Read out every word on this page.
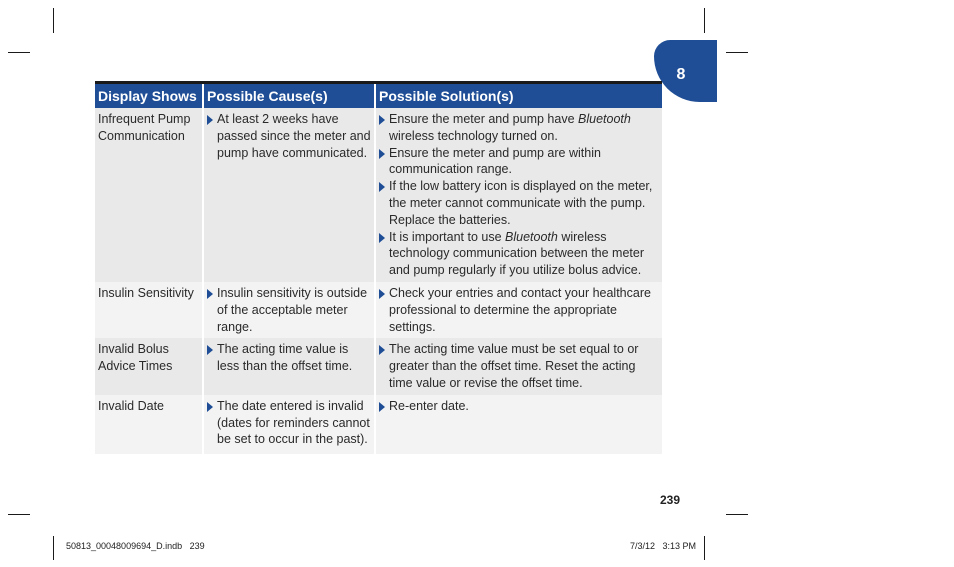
8
Display Shows	Possible Cause(s)	Possible Solution(s)
Infrequent Pump Communication	At least 2 weeks have passed since the meter and pump have communicated.	Ensure the meter and pump have Bluetooth wireless technology turned on.
Ensure the meter and pump are within communication range.
If the low battery icon is displayed on the meter, the meter cannot communicate with the pump. Replace the batteries.
It is important to use Bluetooth wireless technology communication between the meter and pump regularly if you utilize bolus advice.

Insulin Sensitivity	Insulin sensitivity is outside of the acceptable meter range.	Check your entries and contact your healthcare professional to determine the appropriate settings.

Invalid Bolus Advice Times	The acting time value is less than the offset time.	The acting time value must be set equal to or greater than the offset time. Reset the acting time value or revise the offset time.

Invalid Date	The date entered is invalid (dates for reminders cannot be set to occur in the past).	Re-enter date.
239
50813_00048009694_D.indb   239	7/3/12   3:13 PM
